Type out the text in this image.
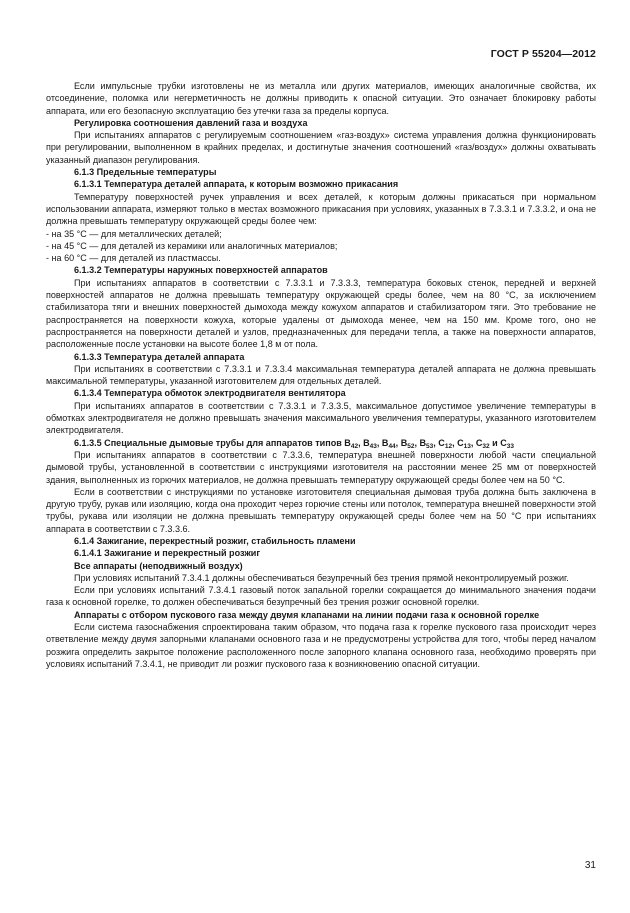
ГОСТ Р 55204—2012

Если импульсные трубки изготовлены не из металла или других материалов, имеющих аналогичные свойства, их отсоединение, поломка или негерметичность не должны приводить к опасной ситуации. Это означает блокировку работы аппарата, или его безопасную эксплуатацию без утечки газа за пределы корпуса.

Регулировка соотношения давлений газа и воздуха

При испытаниях аппаратов с регулируемым соотношением «газ-воздух» система управления должна функционировать при регулировании, выполненном в крайних пределах, и достигнутые значения соотношений «газ/воздух» должны охватывать указанный диапазон регулирования.

6.1.3 Предельные температуры

6.1.3.1 Температура деталей аппарата, к которым возможно прикасания

Температуру поверхностей ручек управления и всех деталей, к которым должны прикасаться при нормальном использовании аппарата, измеряют только в местах возможного прикасания при условиях, указанных в 7.3.3.1 и 7.3.3.2, и она не должна превышать температуру окружающей среды более чем:

- на 35 °С — для металлических деталей;

- на 45 °С — для деталей из керамики или аналогичных материалов;

- на 60 °С — для деталей из пластмассы.

6.1.3.2 Температуры наружных поверхностей аппаратов

При испытаниях аппаратов в соответствии с 7.3.3.1 и 7.3.3.3, температура боковых стенок, передней и верхней поверхностей аппаратов не должна превышать температуру окружающей среды более, чем на 80 °С, за исключением стабилизатора тяги и внешних поверхностей дымохода между кожухом аппаратов и стабилизатором тяги. Это требование не распространяется на поверхности кожуха, которые удалены от дымохода менее, чем на 150 мм. Кроме того, оно не распространяется на поверхности деталей и узлов, предназначенных для передачи тепла, а также на поверхности аппаратов, расположенные после установки на высоте более 1,8 м от пола.

6.1.3.3 Температура деталей аппарата

При испытаниях в соответствии с 7.3.3.1 и 7.3.3.4 максимальная температура деталей аппарата не должна превышать максимальной температуры, указанной изготовителем для отдельных деталей.

6.1.3.4 Температура обмоток электродвигателя вентилятора

При испытаниях аппаратов в соответствии с 7.3.3.1 и 7.3.3.5, максимальное допустимое увеличение температуры в обмотках электродвигателя не должно превышать значения максимального увеличения температуры, указанного изготовителем электродвигателя.

6.1.3.5 Специальные дымовые трубы для аппаратов типов $В_{42}$, $В_{43}$, $В_{44}$, $В_{52}$, $В_{53}$, $С_{12}$, $С_{13}$, $С_{32}$ и $С_{33}$

При испытаниях аппаратов в соответствии с 7.3.3.6, температура внешней поверхности любой части специальной дымовой трубы, установленной в соответствии с инструкциями изготовителя на расстоянии менее 25 мм от поверхностей здания, выполненных из горючих материалов, не должна превышать температуру окружающей среды более чем на 50 °С.

Если в соответствии с инструкциями по установке изготовителя специальная дымовая труба должна быть заключена в другую трубу, рукав или изоляцию, когда она проходит через горючие стены или потолок, температура внешней поверхности этой трубы, рукава или изоляции не должна превышать температуру окружающей среды более чем на 50 °С при испытаниях аппарата в соответствии с 7.3.3.6.

6.1.4 Зажигание, перекрестный розжиг, стабильность пламени

6.1.4.1 Зажигание и перекрестный розжиг

Все аппараты (неподвижный воздух)

При условиях испытаний 7.3.4.1 должны обеспечиваться безупречный без трения прямой неконтролируемый розжиг.

Если при условиях испытаний 7.3.4.1 газовый поток запальной горелки сокращается до минимального значения подачи газа к основной горелке, то должен обеспечиваться безупречный без трения розжиг основной горелки.

Аппараты с отбором пускового газа между двумя клапанами на линии подачи газа к основной горелке

Если система газоснабжения спроектирована таким образом, что подача газа к горелке пускового газа происходит через ответвление между двумя запорными клапанами основного газа и не предусмотрены устройства для того, чтобы перед началом розжига определить закрытое положение расположенного после запорного клапана основного газа, необходимо проверять при условиях испытаний 7.3.4.1, не приводит ли розжиг пускового газа к возникновению опасной ситуации.

31
